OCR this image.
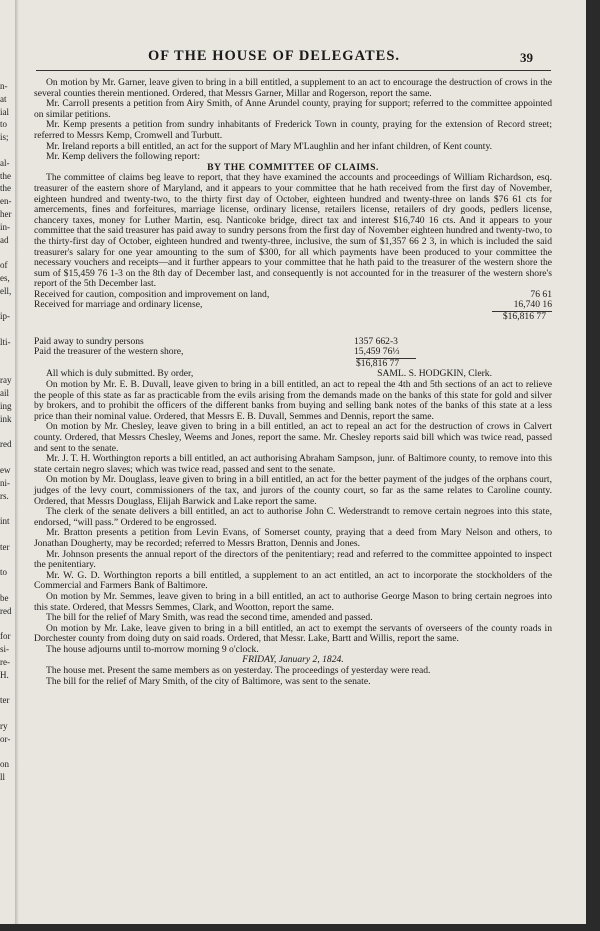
n-
at
ial
to
is;
al-
the
the
en-
her
in-
ad
of
es,
ell,
ip-
lti-
ray
ail
ing
ink
red
ew
ni-
rs.
int
ter
to
be
red
for
si-
re-
H.
ter
ry
or-
on
ll
OF THE HOUSE OF DELEGATES.	39

On motion by Mr. Garner, leave given to bring in a bill entitled, a supplement to an act to encourage the destruction of crows in the several counties therein mentioned. Ordered, that Messrs Garner, Millar and Rogerson, report the same.

Mr. Carroll presents a petition from Airy Smith, of Anne Arundel county, praying for support; referred to the committee appointed on similar petitions.

Mr. Kemp presents a petition from sundry inhabitants of Frederick Town in county, praying for the extension of Record street; referred to Messrs Kemp, Cromwell and Turbutt.

Mr. Ireland reports a bill entitled, an act for the support of Mary M'Laughlin and her infant children, of Kent county.

Mr. Kemp delivers the following report:

BY THE COMMITTEE OF CLAIMS.

The committee of claims beg leave to report, that they have examined the accounts and proceedings of William Richardson, esq. treasurer of the eastern shore of Maryland, and it appears to your committee that he hath received from the first day of November, eighteen hundred and twenty-two, to the thirty first day of October, eighteen hundred and twenty-three on lands $76 61 cts for amercements, fines and forfeitures, marriage license, ordinary license, retailers license, retailers of dry goods, pedlers license, chancery taxes, money for Luther Martin, esq. Nanticoke bridge, direct tax and interest $16,740 16 cts. And it appears to your committee that the said treasurer has paid away to sundry persons from the first day of November eighteen hundred and twenty-two, to the thirty-first day of October, eighteen hundred and twenty-three, inclusive, the sum of $1,357 66 2 3, in which is included the said treasurer's salary for one year amounting to the sum of $300, for all which payments have been produced to your committee the necessary vouchers and receipts—and it further appears to your committee that he hath paid to the treasurer of the western shore the sum of $15,459 76 1-3 on the 8th day of December last, and consequently is not accounted for in the treasurer of the western shore's report of the 5th December last.

Received for caution, composition and improvement on land,	76 61
Received for marriage and ordinary license,	16,740 16
$16,816 77
Paid away to sundry persons	1357 662-3
Paid the treasurer of the western shore,	15,459 76⅓
$16,816 77
All which is duly submitted. By order,	SAML. S. HODGKIN, Clerk.

On motion by Mr. E. B. Duvall, leave given to bring in a bill entitled, an act to repeal the 4th and 5th sections of an act to relieve the people of this state as far as practicable from the evils arising from the demands made on the banks of this state for gold and silver by brokers, and to prohibit the officers of the different banks from buying and selling bank notes of the banks of this state at a less price than their nominal value. Ordered, that Messrs E. B. Duvall, Semmes and Dennis, report the same.

On motion by Mr. Chesley, leave given to bring in a bill entitled, an act to repeal an act for the destruction of crows in Calvert county. Ordered, that Messrs Chesley, Weems and Jones, report the same. Mr. Chesley reports said bill which was twice read, passed and sent to the senate.

Mr. J. T. H. Worthington reports a bill entitled, an act authorising Abraham Sampson, junr. of Baltimore county, to remove into this state certain negro slaves; which was twice read, passed and sent to the senate.

On motion by Mr. Douglass, leave given to bring in a bill entitled, an act for the better payment of the judges of the orphans court, judges of the levy court, commissioners of the tax, and jurors of the county court, so far as the same relates to Caroline county. Ordered, that Messrs Douglass, Elijah Barwick and Lake report the same.

The clerk of the senate delivers a bill entitled, an act to authorise John C. Wederstrandt to remove certain negroes into this state, endorsed, “will pass.” Ordered to be engrossed.

Mr. Bratton presents a petition from Levin Evans, of Somerset county, praying that a deed from Mary Nelson and others, to Jonathan Dougherty, may be recorded; referred to Messrs Bratton, Dennis and Jones.

Mr. Johnson presents the annual report of the directors of the penitentiary; read and referred to the committee appointed to inspect the penitentiary.

Mr. W. G. D. Worthington reports a bill entitled, a supplement to an act entitled, an act to incorporate the stockholders of the Commercial and Farmers Bank of Baltimore.

On motion by Mr. Semmes, leave given to bring in a bill entitled, an act to authorise George Mason to bring certain negroes into this state. Ordered, that Messrs Semmes, Clark, and Wootton, report the same.

The bill for the relief of Mary Smith, was read the second time, amended and passed.

On motion by Mr. Lake, leave given to bring in a bill entitled, an act to exempt the servants of overseers of the county roads in Dorchester county from doing duty on said roads. Ordered, that Messr. Lake, Bartt and Willis, report the same.

The house adjourns until to-morrow morning 9 o'clock.

FRIDAY, January 2, 1824.

The house met. Present the same members as on yesterday. The proceedings of yesterday were read.

The bill for the relief of Mary Smith, of the city of Baltimore, was sent to the senate.
